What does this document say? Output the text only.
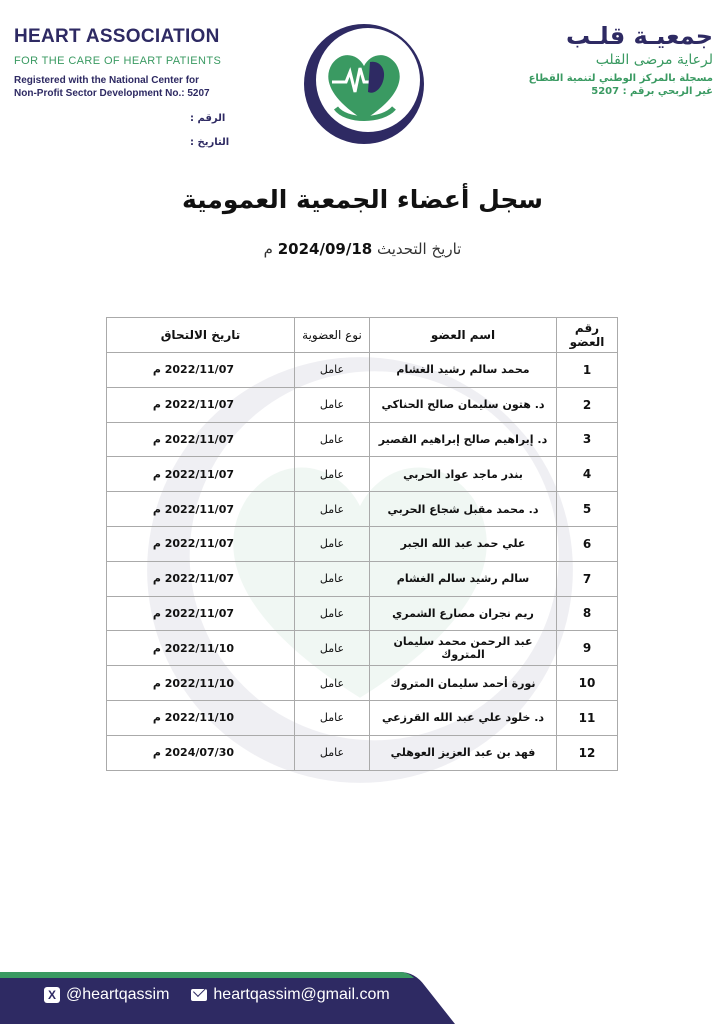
HEART ASSOCIATION
FOR THE CARE OF HEART PATIENTS
Registered with the National Center for
Non-Profit Sector Development No.: 5207
الرقم :
التاريخ :
جمعيـة قلـب
لرعاية مرضى القلب
مسجلة بالمركز الوطني لتنمية القطاع
غير الربحي برقم : 5207
سجل أعضاء الجمعية العمومية
تاريخ التحديث 2024/09/18 م
رقم العضو	اسم العضو	نوع العضوية	تاريخ الالتحاق
1	محمد سالم رشيد الغشام	عامل	2022/11/07 م
2	د. هتون سليمان صالح الحناكي	عامل	2022/11/07 م
3	د. إبراهيم صالح إبراهيم القصير	عامل	2022/11/07 م
4	بندر ماجد عواد الحربي	عامل	2022/11/07 م
5	د. محمد مقبل شجاع الحربي	عامل	2022/11/07 م
6	علي حمد عبد الله الجبر	عامل	2022/11/07 م
7	سالم رشيد سالم الغشام	عامل	2022/11/07 م
8	ريم نجران مصارع الشمري	عامل	2022/11/07 م
9	عبد الرحمن محمد سليمان المتروك	عامل	2022/11/10 م
10	نورة أحمد سليمان المتروك	عامل	2022/11/10 م
11	د. خلود علي عبد الله القرزعي	عامل	2022/11/10 م
12	فهد بن عبد العزيز العوهلي	عامل	2024/07/30 م
X @heartqassim	heartqassim@gmail.com
